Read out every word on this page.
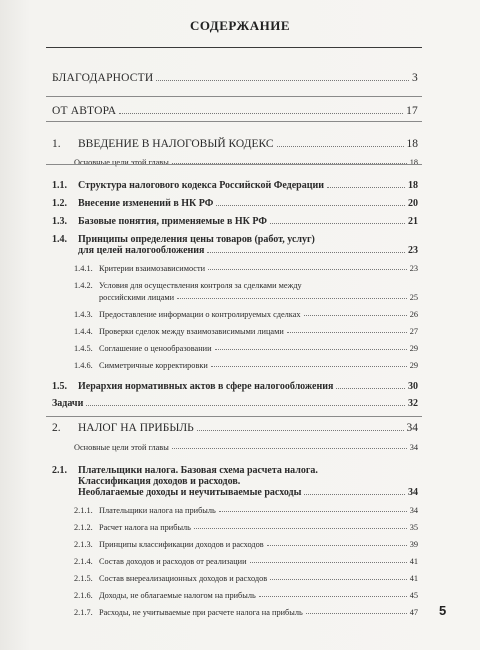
СОДЕРЖАНИЕ
БЛАГОДАРНОСТИ	3
ОТ АВТОРА	17
1. ВВЕДЕНИЕ В НАЛОГОВЫЙ КОДЕКС	18
Основные цели этой главы	18
1.1. Структура налогового кодекса Российской Федерации	18
1.2. Внесение изменений в НК РФ	20
1.3. Базовые понятия, применяемые в НК РФ	21
1.4. Принципы определения цены товаров (работ, услуг)
для целей налогообложения	23
1.4.1. Критерии взаимозависимости	23
1.4.2. Условия для осуществления контроля за сделками между
российскими лицами	25
1.4.3. Предоставление информации о контролируемых сделках	26
1.4.4. Проверки сделок между взаимозависимыми лицами	27
1.4.5. Соглашение о ценообразовании	29
1.4.6. Симметричные корректировки	29
1.5. Иерархия нормативных актов в сфере налогообложения	30
Задачи	32
2. НАЛОГ НА ПРИБЫЛЬ	34
Основные цели этой главы	34
2.1. Плательщики налога. Базовая схема расчета налога.
Классификация доходов и расходов.
Необлагаемые доходы и неучитываемые расходы	34
2.1.1. Плательщики налога на прибыль	34
2.1.2. Расчет налога на прибыль	35
2.1.3. Принципы классификации доходов и расходов	39
2.1.4. Состав доходов и расходов от реализации	41
2.1.5. Состав внереализационных доходов и расходов	41
2.1.6. Доходы, не облагаемые налогом на прибыль	45
2.1.7. Расходы, не учитываемые при расчете налога на прибыль	47 5
